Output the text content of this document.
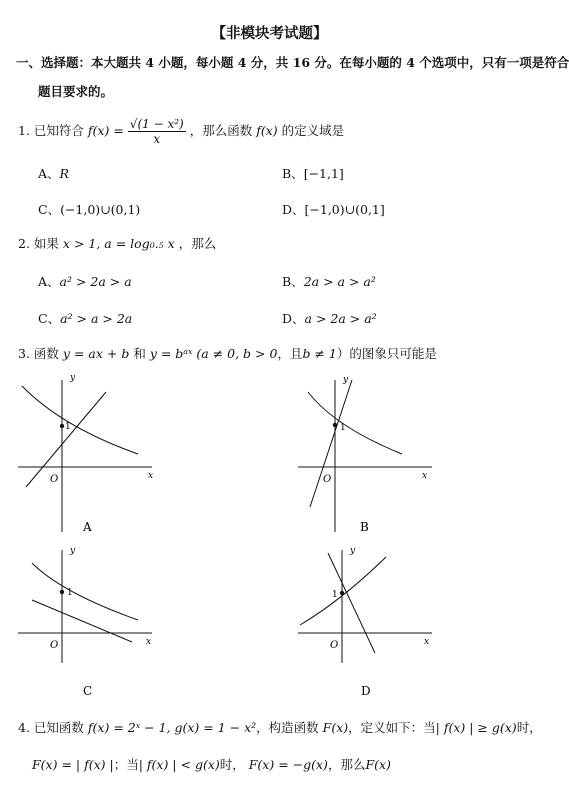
【非模块考试题】
一、选择题：本大题共 4 小题，每小题 4 分，共 16 分。在每小题的 4 个选项中，只有一项是符合
题目要求的。
1. 已知符合 $f(x) = \frac{\text{√(1 − x²)}}{x}$ ，那么函数 f(x) 的定义域是
A、R	B、[−1,1]
C、(−1,0)∪(0,1)	D、[−1,0)∪(0,1]
2. 如果 x > 1, a = log₀.₅ x ，那么
A、a² > 2a > a	B、2a > a > a²
C、a² > a > 2a	D、a > 2a > a²
3. 函数 y = ax + b 和 y = bᵃˣ (a ≠ 0, b > 0，且b ≠ 1）的图象只可能是
y
x
O
1
A
y
x
O
1
B
y
x
O
1
C
y
x
O
1
D
4. 已知函数 f(x) = 2ˣ − 1, g(x) = 1 − x²，构造函数 F(x)，定义如下：当| f(x) | ≥ g(x)时，
F(x) = | f(x) |；当| f(x) | < g(x)时， F(x) = −g(x)，那么F(x)
